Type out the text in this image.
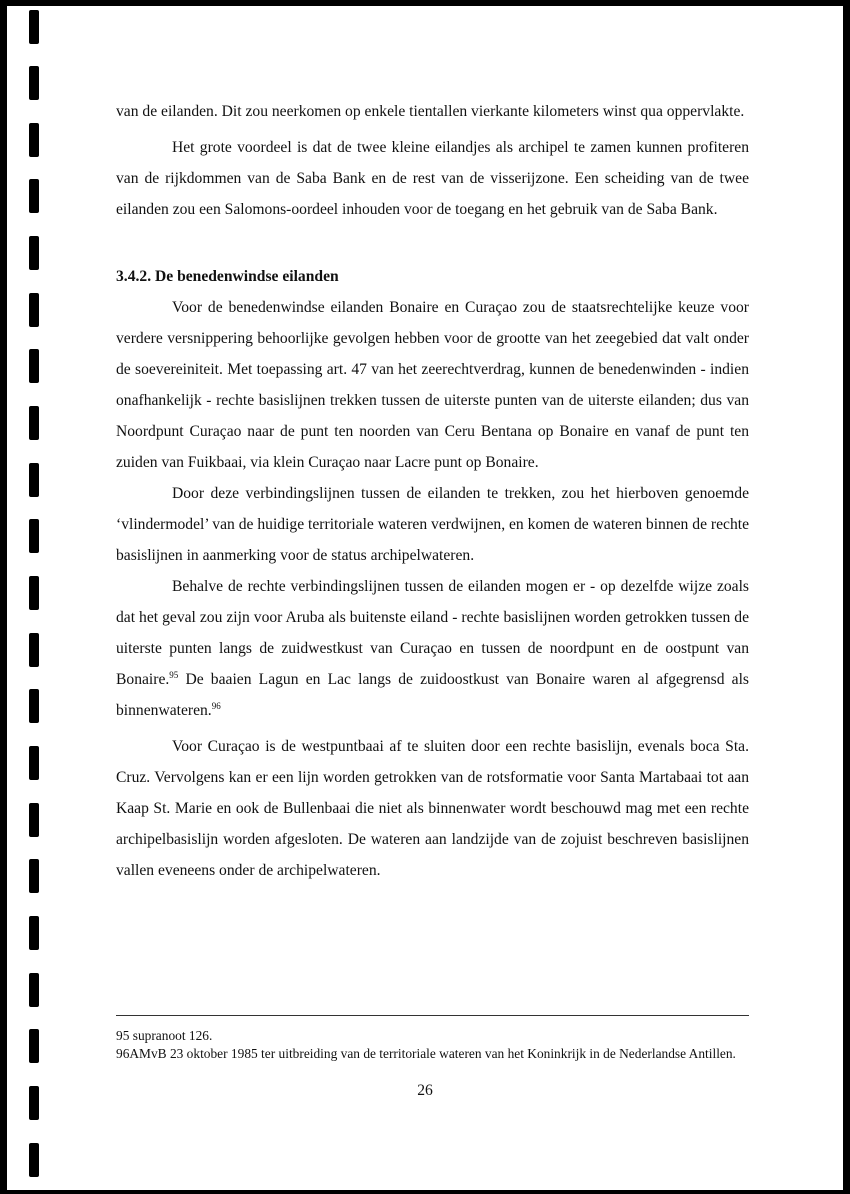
van de eilanden. Dit zou neerkomen op enkele tientallen vierkante kilometers winst qua oppervlakte.

Het grote voordeel is dat de twee kleine eilandjes als archipel te zamen kunnen profiteren van de rijkdommen van de Saba Bank en de rest van de visserijzone. Een scheiding van de twee eilanden zou een Salomons-oordeel inhouden voor de toegang en het gebruik van de Saba Bank.

3.4.2. De benedenwindse eilanden

Voor de benedenwindse eilanden Bonaire en Curaçao zou de staatsrechtelijke keuze voor verdere versnippering behoorlijke gevolgen hebben voor de grootte van het zeegebied dat valt onder de soevereiniteit. Met toepassing art. 47 van het zeerechtverdrag, kunnen de benedenwinden - indien onafhankelijk - rechte basislijnen trekken tussen de uiterste punten van de uiterste eilanden; dus van Noordpunt Curaçao naar de punt ten noorden van Ceru Bentana op Bonaire en vanaf de punt ten zuiden van Fuikbaai, via klein Curaçao naar Lacre punt op Bonaire.

Door deze verbindingslijnen tussen de eilanden te trekken, zou het hierboven genoemde ‘vlindermodel’ van de huidige territoriale wateren verdwijnen, en komen de wateren binnen de rechte basislijnen in aanmerking voor de status archipelwateren.

Behalve de rechte verbindingslijnen tussen de eilanden mogen er - op dezelfde wijze zoals dat het geval zou zijn voor Aruba als buitenste eiland - rechte basislijnen worden getrokken tussen de uiterste punten langs de zuidwestkust van Curaçao en tussen de noordpunt en de oostpunt van Bonaire.$^{95}$ De baaien Lagun en Lac langs de zuidoostkust van Bonaire waren al afgegrensd als binnenwateren.$^{96}$

Voor Curaçao is de westpuntbaai af te sluiten door een rechte basislijn, evenals boca Sta. Cruz. Vervolgens kan er een lijn worden getrokken van de rotsformatie voor Santa Martabaai tot aan Kaap St. Marie en ook de Bullenbaai die niet als binnenwater wordt beschouwd mag met een rechte archipelbasislijn worden afgesloten. De wateren aan landzijde van de zojuist beschreven basislijnen vallen eveneens onder de archipelwateren.

95 supranoot 126.

96AMvB 23 oktober 1985 ter uitbreiding van de territoriale wateren van het Koninkrijk in de Nederlandse Antillen.

26
